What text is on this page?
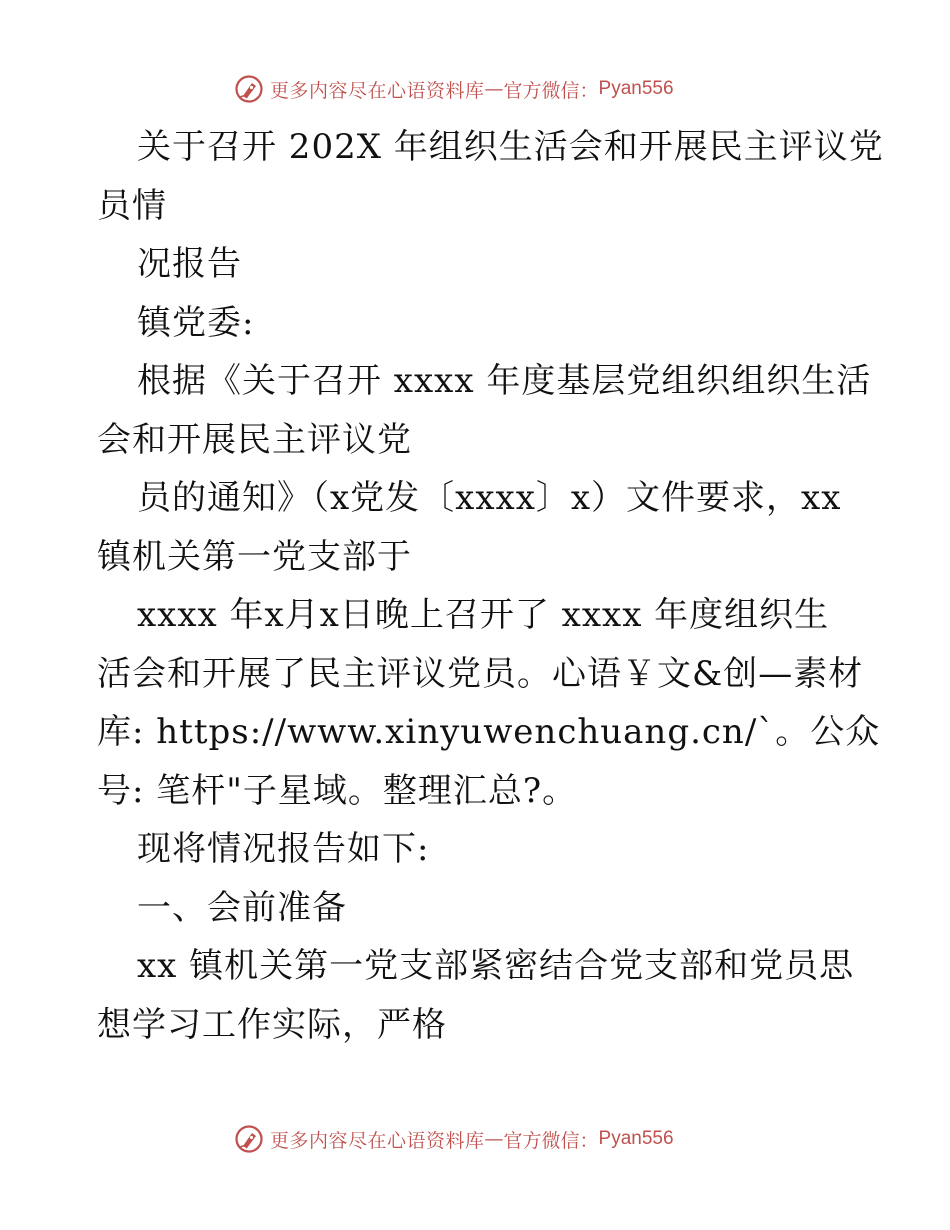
更多内容尽在心语资料库 — 官方微信： Pyan556
关于召开 202X 年组织生活会和开展民主评议党
员情
况报告
镇党委:
根据《关于召开 xxxx 年度基层党组织组织生活
会和开展民主评议党
员的通知》（x党发〔xxxx〕x）文件要求，xx
镇机关第一党支部于
xxxx 年x月x日晚上召开了 xxxx 年度组织生
活会和开展了民主评议党员。心语￥文&创—素材
库: https://www.xinyuwenchuang.cn/`。公众
号: 笔杆"子星域。整理汇总?。
现将情况报告如下:
一、会前准备
xx 镇机关第一党支部紧密结合党支部和党员思
想学习工作实际，严格
更多内容尽在心语资料库 — 官方微信： Pyan556
